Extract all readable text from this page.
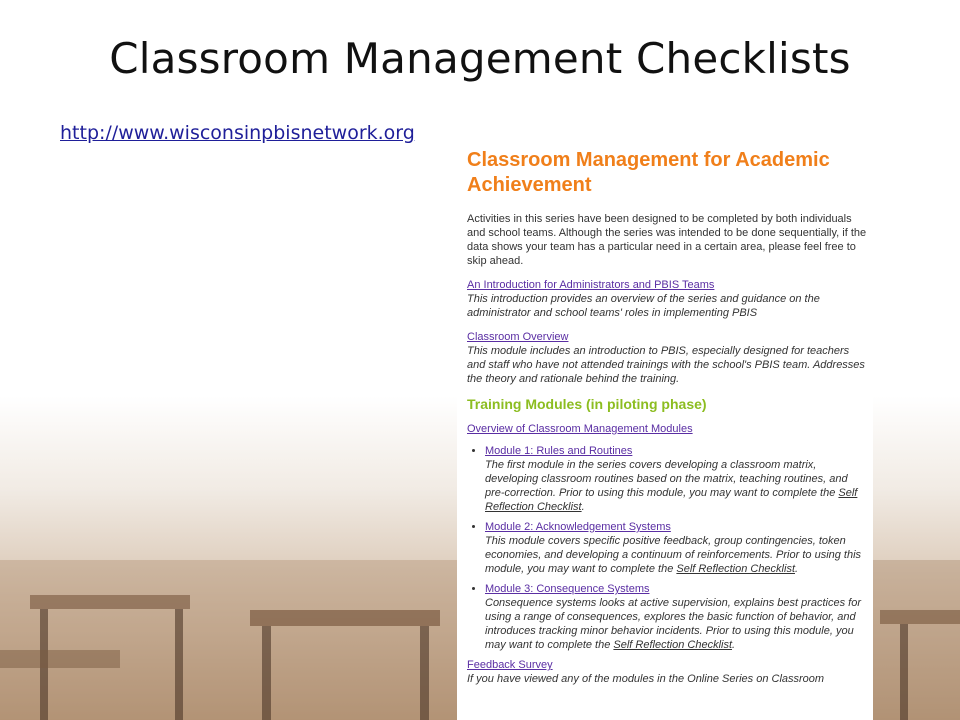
Classroom Management Checklists
http://www.wisconsinpbisnetwork.org
Classroom Management for Academic Achievement

Activities in this series have been designed to be completed by both individuals and school teams. Although the series was intended to be done sequentially, if the data shows your team has a particular need in a certain area, please feel free to skip ahead.

An Introduction for Administrators and PBIS Teams
This introduction provides an overview of the series and guidance on the administrator and school teams' roles in implementing PBIS
Classroom Overview
This module includes an introduction to PBIS, especially designed for teachers and staff who have not attended trainings with the school's PBIS team. Addresses the theory and rationale behind the training.
Training Modules (in piloting phase)
Overview of Classroom Management Modules
• Module 1: Rules and Routines
The first module in the series covers developing a classroom matrix, developing classroom routines based on the matrix, teaching routines, and pre-correction. Prior to using this module, you may want to complete the Self Reflection Checklist.
• Module 2: Acknowledgement Systems
This module covers specific positive feedback, group contingencies, token economies, and developing a continuum of reinforcements. Prior to using this module, you may want to complete the Self Reflection Checklist.
• Module 3: Consequence Systems
Consequence systems looks at active supervision, explains best practices for using a range of consequences, explores the basic function of behavior, and introduces tracking minor behavior incidents. Prior to using this module, you may want to complete the Self Reflection Checklist.
Feedback Survey
If you have viewed any of the modules in the Online Series on Classroom
